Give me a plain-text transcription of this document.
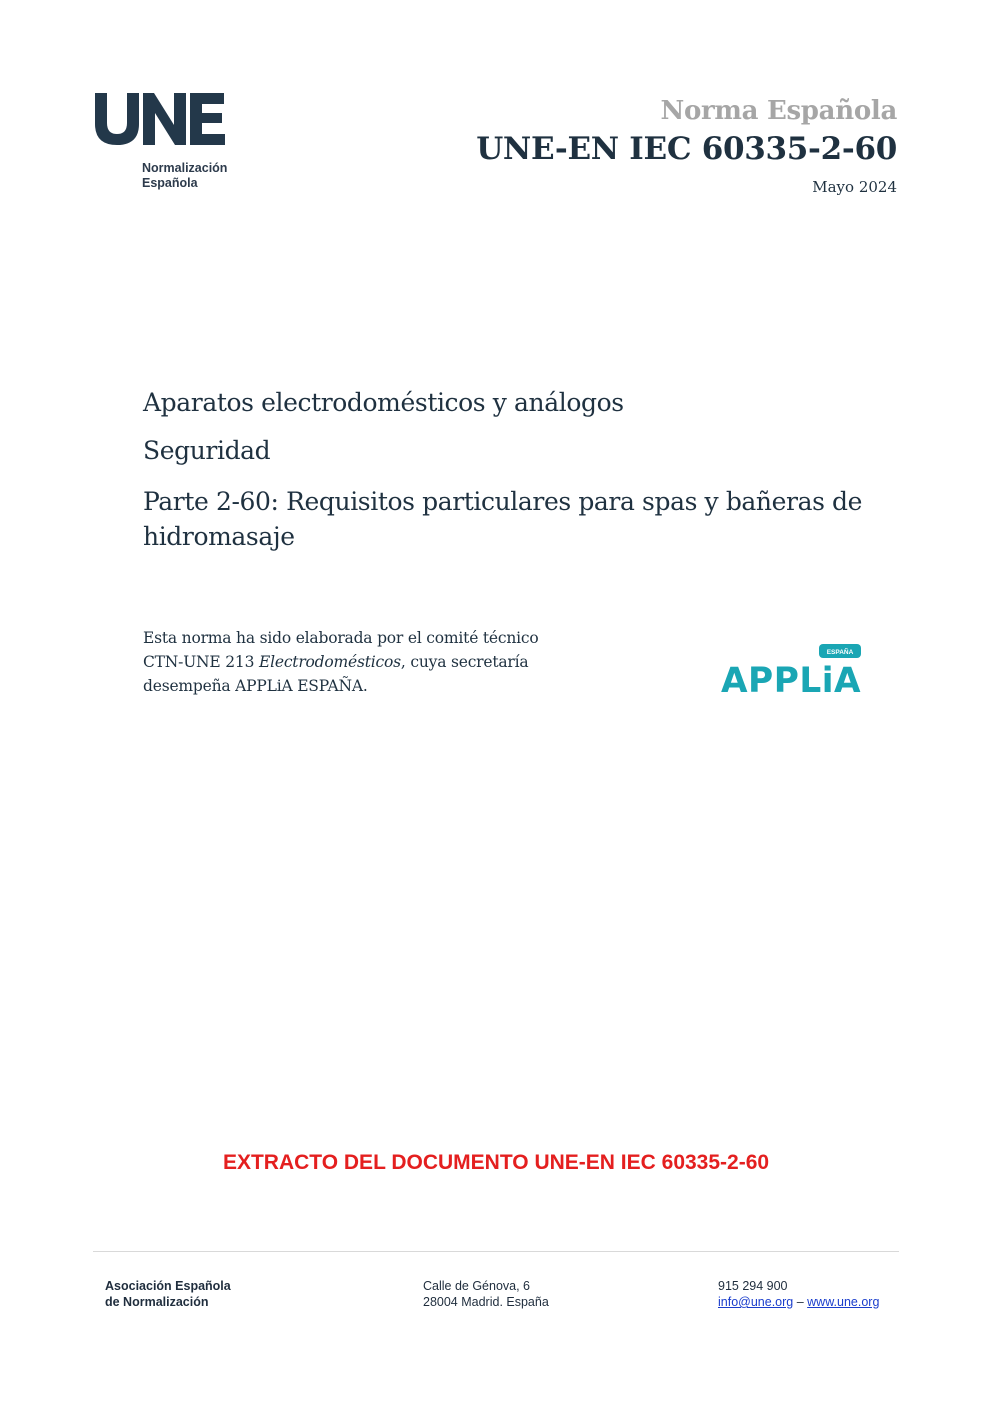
Normalización
Española
Norma Española
UNE-EN IEC 60335-2-60
Mayo 2024
Aparatos electrodomésticos y análogos
Seguridad
Parte 2-60: Requisitos particulares para spas y bañeras de hidromasaje
Esta norma ha sido elaborada por el comité técnico
CTN-UNE 213 Electrodomésticos, cuya secretaría
desempeña APPLiA ESPAÑA.
ESPAÑA
APPLiA
EXTRACTO DEL DOCUMENTO UNE-EN IEC 60335-2-60
Asociación Española
de Normalización
Calle de Génova, 6
28004 Madrid. España
915 294 900
info@une.org – www.une.org
